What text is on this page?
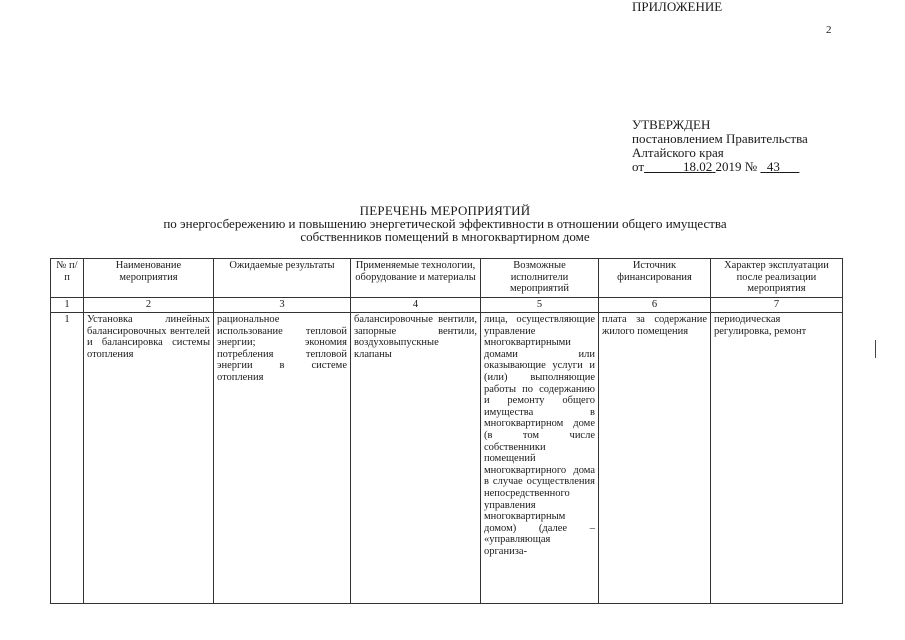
2
ПРИЛОЖЕНИЕ
УТВЕРЖДЕН
постановлением Правительства
Алтайского края
от	18.02 2019 № 43
ПЕРЕЧЕНЬ МЕРОПРИЯТИЙ
по энергосбережению и повышению энергетической эффективности в отношении общего имущества
собственников помещений в многоквартирном доме
№ п/п	Наименование мероприятия	Ожидаемые результаты	Применяемые технологии, оборудование и материалы	Возможные исполнители мероприятий	Источник финансирования	Характер эксплуатации после реализации мероприятия
1	2	3	4	5	6	7
1	Установка линейных балансировочных вентелей и балансировка системы отопления	рациональное использование тепловой энергии; экономия потребления тепловой энергии в системе отопления	балансировочные вентили, запорные вентили, воздуховыпускные клапаны	лица, осуществляющие управление многоквартирными домами или оказывающие услуги и (или) выполняющие работы по содержанию и ремонту общего имущества в многоквартирном доме (в том числе собственники помещений многоквартирного дома в случае осуществления непосредственного управления многоквартирным домом) (далее – «управляющая организа-	плата за содержание жилого помещения	периодическая регулировка, ремонт
